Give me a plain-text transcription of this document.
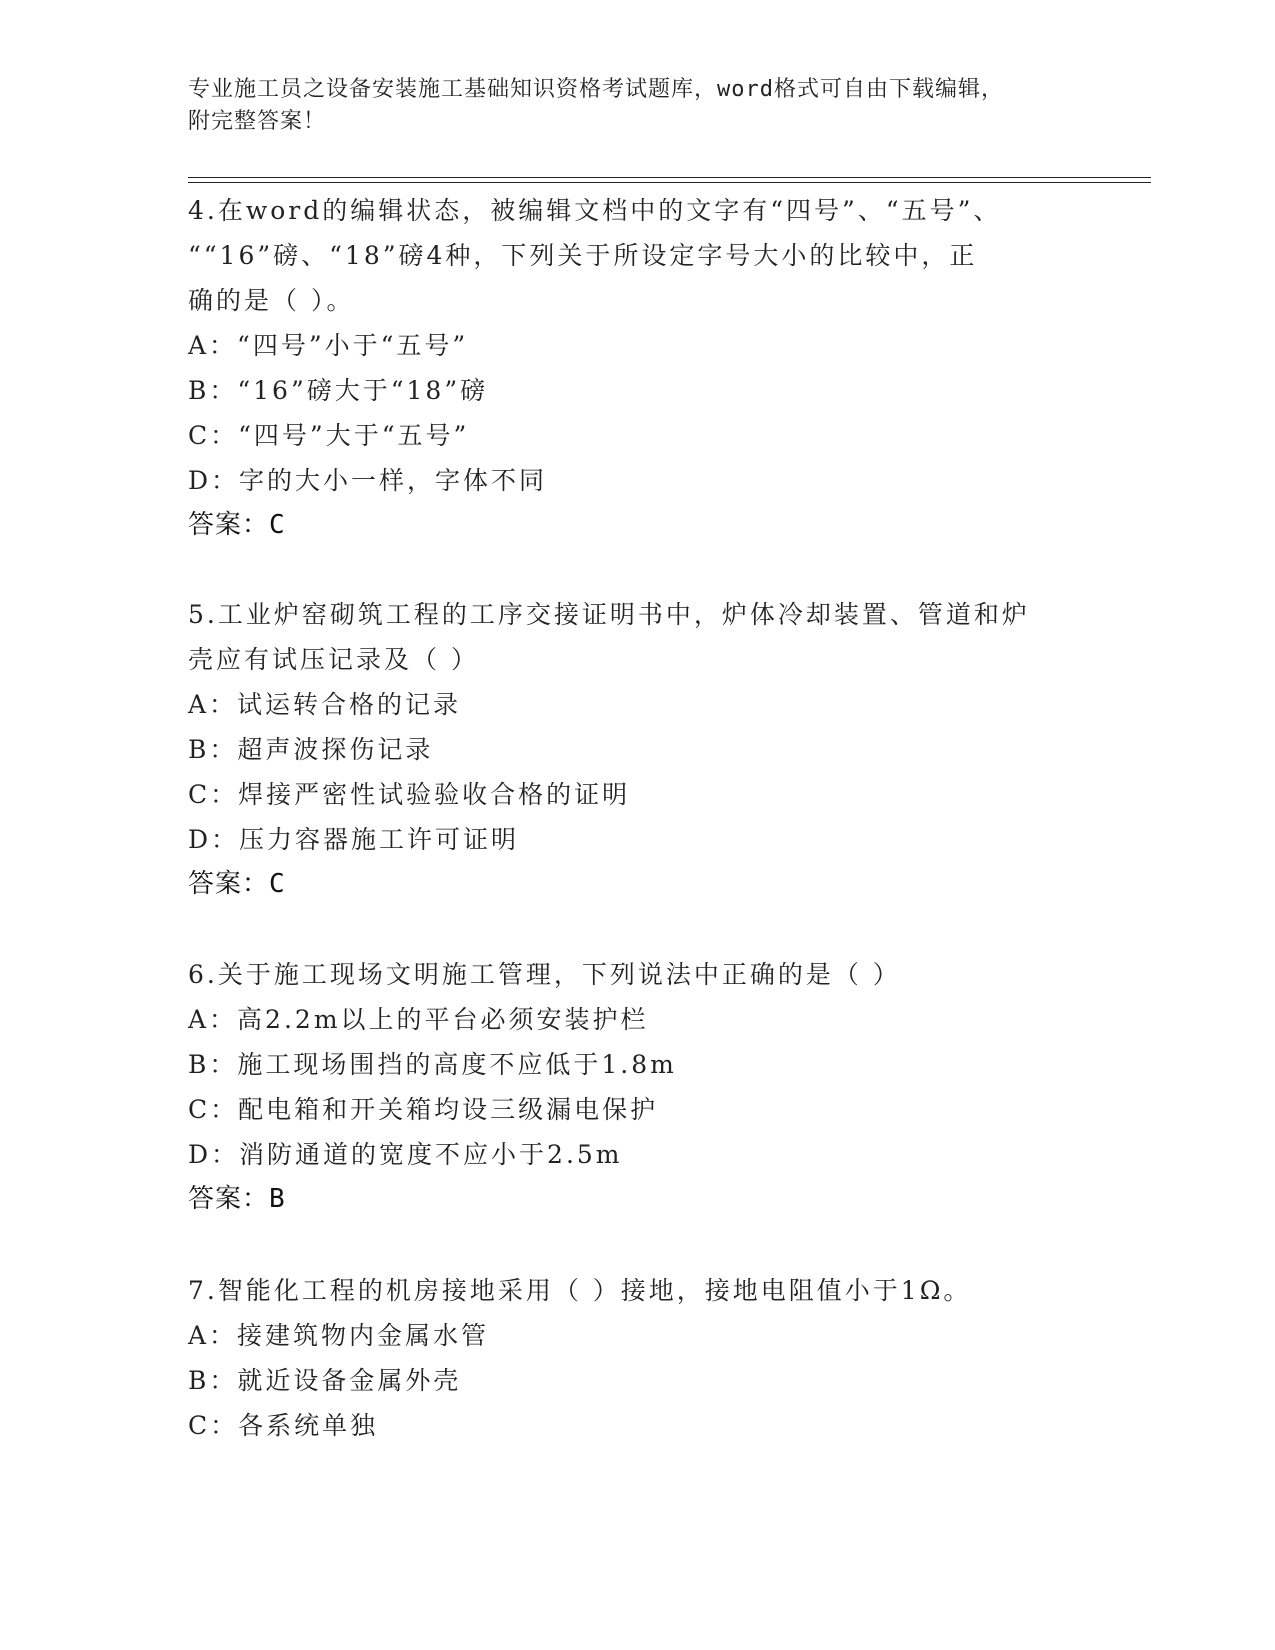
专业施工员之设备安装施工基础知识资格考试题库，word格式可自由下载编辑，
附完整答案！
4.在word的编辑状态，被编辑文档中的文字有“四号”、“五号”、
““16”磅、“18”磅4种，下列关于所设定字号大小的比较中，正
确的是（ ）。
A：“四号”小于“五号”
B：“16”磅大于“18”磅
C：“四号”大于“五号”
D：字的大小一样，字体不同
答案：C
5.工业炉窑砌筑工程的工序交接证明书中，炉体冷却装置、管道和炉
壳应有试压记录及（ ）
A：试运转合格的记录
B：超声波探伤记录
C：焊接严密性试验验收合格的证明
D：压力容器施工许可证明
答案：C
6.关于施工现场文明施工管理，下列说法中正确的是（ ）
A：高2.2m以上的平台必须安装护栏
B：施工现场围挡的高度不应低于1.8m
C：配电箱和开关箱均设三级漏电保护
D：消防通道的宽度不应小于2.5m
答案：B
7.智能化工程的机房接地采用（ ）接地，接地电阻值小于1Ω。
A：接建筑物内金属水管
B：就近设备金属外壳
C：各系统单独
